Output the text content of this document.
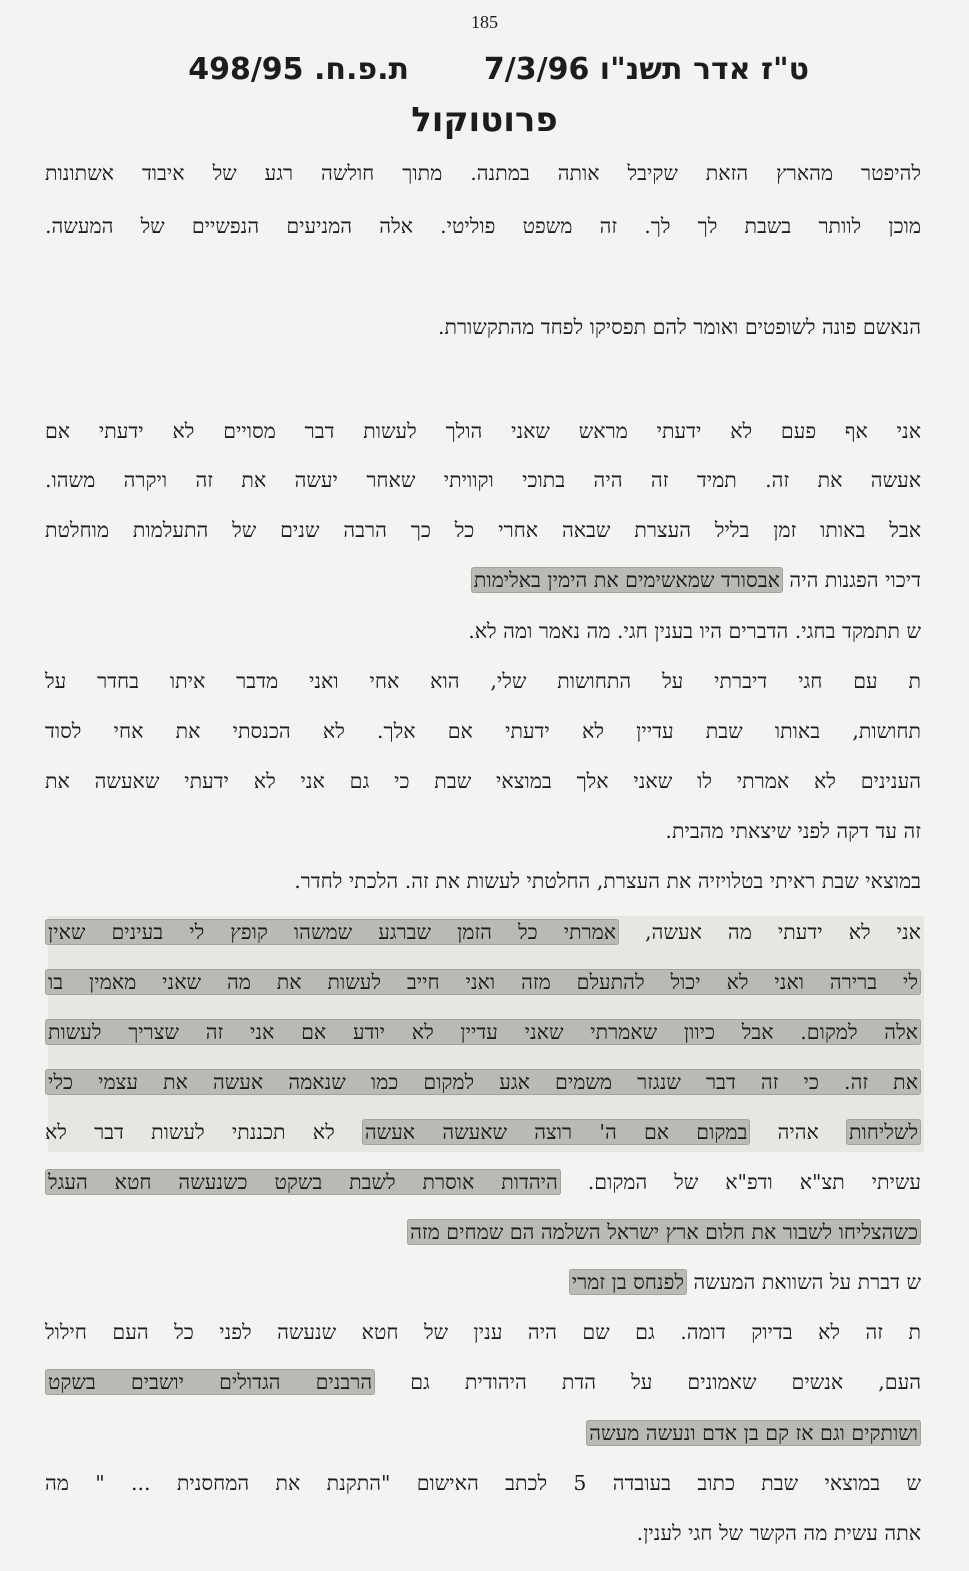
185
ט"ז אדר תשנ"ו 7/3/96
ת.פ.ח. 498/95
פרוטוקול
להיפטר מהארץ הזאת שקיבל אותה במתנה. מתוך חולשה רגע של איבוד אשתונות
מוכן לוותר בשבת לך לך. זה משפט פוליטי. אלה המניעים הנפשיים של המעשה.
הנאשם פונה לשופטים ואומר להם תפסיקו לפחד מהתקשורת.
אני אף פעם לא ידעתי מראש שאני הולך לעשות דבר מסויים לא ידעתי אם
אעשה את זה. תמיד זה היה בתוכי וקוויתי שאחר יעשה את זה ויקרה משהו.
אבל באותו זמן בליל העצרת שבאה אחרי כל כך הרבה שנים של התעלמות מוחלטת
דיכוי הפגנות היה אבסורד שמאשימים את הימין באלימות
ש תתמקד בחגי. הדברים היו בענין חגי. מה נאמר ומה לא.
ת עם חגי דיברתי על התחושות שלי, הוא אחי ואני מדבר איתו בחדר על
תחושות, באותו שבת עדיין לא ידעתי אם אלך. לא הכנסתי את אחי לסוד
הענינים לא אמרתי לו שאני אלך במוצאי שבת כי גם אני לא ידעתי שאעשה את
זה עד דקה לפני שיצאתי מהבית.
במוצאי שבת ראיתי בטלויזיה את העצרת, החלטתי לעשות את זה. הלכתי לחדר.
אני לא ידעתי מה אעשה, אמרתי כל הזמן שברגע שמשהו קופץ לי בעינים שאין
לי ברירה ואני לא יכול להתעלם מזה ואני חייב לעשות את מה שאני מאמין בו
אלה למקום. אבל כיוון שאמרתי שאני עדיין לא יודע אם אני זה שצריך לעשות
את זה. כי זה דבר שנגזר משמים אגע למקום כמו שנאמה אעשה את עצמי כלי
לשליחות אהיה במקום אם ה' רוצה שאעשה אעשה לא תכננתי לעשות דבר לא
עשיתי תצ"א ודפ"א של המקום. היהדות אוסרת לשבת בשקט כשנעשה חטא העגל
כשהצליחו לשבור את חלום ארץ ישראל השלמה הם שמחים מזה
ש דברת על השוואת המעשה לפנחס בן זמרי
ת זה לא בדיוק דומה. גם שם היה ענין של חטא שנעשה לפני כל העם חילול
העם, אנשים שאמונים על הדת היהודית גם הרבנים הגדולים יושבים בשקט
ושותקים וגם אז קם בן אדם ונעשה מעשה
ש במוצאי שבת כתוב בעובדה 5 לכתב האישום "התקנת את המחסנית ... " מה
אתה עשית מה הקשר של חגי לענין.
